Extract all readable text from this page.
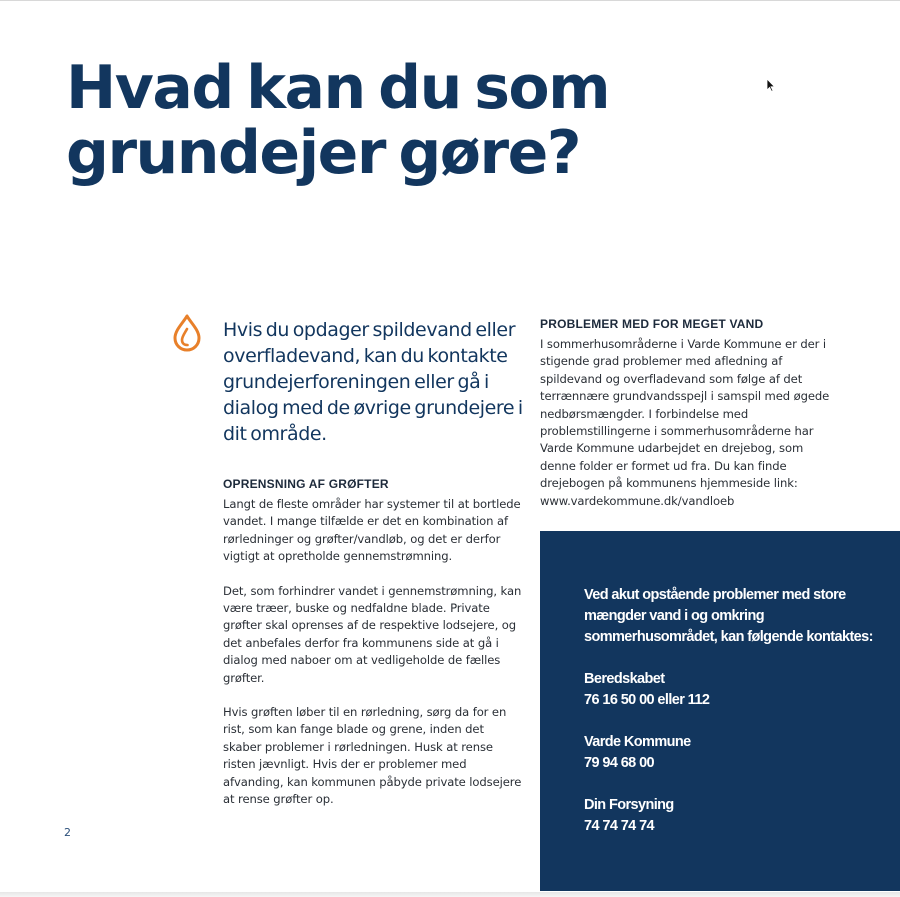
Hvad kan du som
grundejer gøre?

Hvis du opdager spildevand eller overfladevand, kan du kontakte grundejerforeningen eller gå i dialog med de øvrige grundejere i dit område.

OPRENSNING AF GRØFTER

Langt de fleste områder har systemer til at bortlede vandet. I mange tilfælde er det en kombination af rørledninger og grøfter/vandløb, og det er derfor vigtigt at opretholde gennemstrømning.

Det, som forhindrer vandet i gennemstrømning, kan være træer, buske og nedfaldne blade. Private grøfter skal oprenses af de respektive lodsejere, og det anbefales derfor fra kommunens side at gå i dialog med naboer om at vedligeholde de fælles grøfter.

Hvis grøften løber til en rørledning, sørg da for en rist, som kan fange blade og grene, inden det skaber problemer i rørledningen. Husk at rense risten jævnligt. Hvis der er problemer med afvanding, kan kommunen påbyde private lodsejere at rense grøfter op.

PROBLEMER MED FOR MEGET VAND

I sommerhusområderne i Varde Kommune er der i stigende grad problemer med afledning af spildevand og overfladevand som følge af det terrænnære grundvandsspejl i samspil med øgede nedbørsmængder. I forbindelse med problemstillingerne i sommerhusområderne har Varde Kommune udarbejdet en drejebog, som denne folder er formet ud fra. Du kan finde drejebogen på kommunens hjemmeside link: www.vardekommune.dk/vandloeb

Ved akut opstående problemer med store mængder vand i og omkring sommerhusområdet, kan følgende kontaktes:

Beredskabet

76 16 50 00 eller 112

Varde Kommune

79 94 68 00

Din Forsyning

74 74 74 74

2
